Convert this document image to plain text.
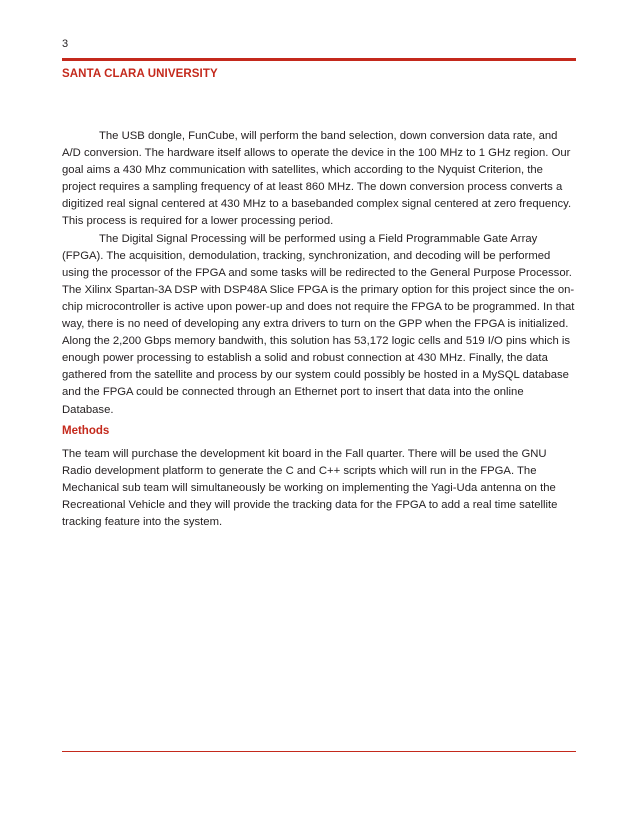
3
SANTA CLARA UNIVERSITY

The USB dongle, FunCube, will perform the band selection, down conversion data rate, and A/D conversion. The hardware itself allows to operate the device in the 100 MHz to 1 GHz region. Our goal aims a 430 Mhz communication with satellites, which according to the Nyquist Criterion, the project requires a sampling frequency of at least 860 MHz. The down conversion process converts a digitized real signal centered at 430 MHz to a basebanded complex signal centered at zero frequency. This process is required for a lower processing period.

The Digital Signal Processing will be performed using a Field Programmable Gate Array (FPGA). The acquisition, demodulation, tracking, synchronization, and decoding will be performed using the processor of the FPGA and some tasks will be redirected to the General Purpose Processor. The Xilinx Spartan-3A DSP with DSP48A Slice FPGA is the primary option for this project since the on-chip microcontroller is active upon power-up and does not require the FPGA to be programmed. In that way, there is no need of developing any extra drivers to turn on the GPP when the FPGA is initialized. Along the 2,200 Gbps memory bandwith, this solution has 53,172 logic cells and 519 I/O pins which is enough power processing to establish a solid and robust connection at 430 MHz. Finally, the data gathered from the satellite and process by our system could possibly be hosted in a MySQL database and the FPGA could be connected through an Ethernet port to insert that data into the online Database.

Methods

The team will purchase the development kit board in the Fall quarter. There will be used the GNU Radio development platform to generate the C and C++ scripts which will run in the FPGA. The Mechanical sub team will simultaneously be working on implementing the Yagi-Uda antenna on the Recreational Vehicle and they will provide the tracking data for the FPGA to add a real time satellite tracking feature into the system.
